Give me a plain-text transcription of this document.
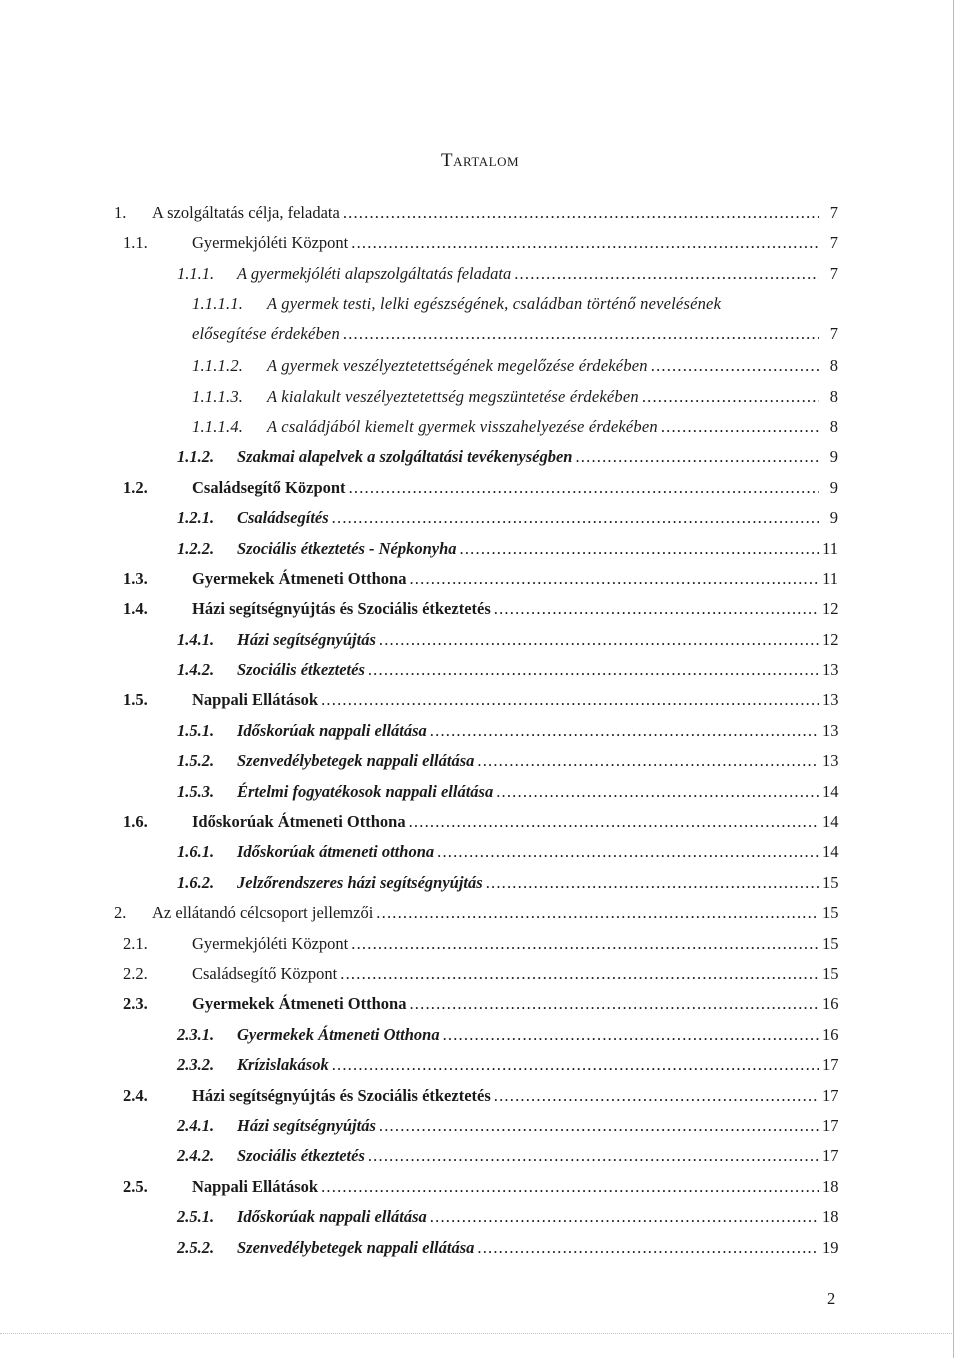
Tartalom
1. A szolgáltatás célja, feladata .....	7
1.1.	Gyermekjóléti Központ .....	7
1.1.1. A gyermekjóléti alapszolgáltatás feladata .....	7
1.1.1.1. A gyermek testi, lelki egészségének, családban történő nevelésének
elősegítése érdekében .....	7
1.1.1.2. A gyermek veszélyeztetettségének megelőzése érdekében .....	8
1.1.1.3. A kialakult veszélyeztetettség megszüntetése érdekében .....	8
1.1.1.4. A családjából kiemelt gyermek visszahelyezése érdekében .....	8
1.1.2. Szakmai alapelvek a szolgáltatási tevékenységben .....	9
1.2.	Családsegítő Központ .....	9
1.2.1. Családsegítés .....	9
1.2.2. Szociális étkeztetés - Népkonyha .....	11
1.3.	Gyermekek Átmeneti Otthona .....	11
1.4.	Házi segítségnyújtás és Szociális étkeztetés .....	12
1.4.1. Házi segítségnyújtás .....	12
1.4.2. Szociális étkeztetés .....	13
1.5.	Nappali Ellátások .....	13
1.5.1. Időskorúak nappali ellátása .....	13
1.5.2. Szenvedélybetegek nappali ellátása .....	13
1.5.3. Értelmi fogyatékosok nappali ellátása .....	14
1.6.	Időskorúak Átmeneti Otthona .....	14
1.6.1. Időskorúak átmeneti otthona .....	14
1.6.2. Jelzőrendszeres házi segítségnyújtás .....	15
2. Az ellátandó célcsoport jellemzői .....	15
2.1.	Gyermekjóléti Központ .....	15
2.2.	Családsegítő Központ .....	15
2.3.	Gyermekek Átmeneti Otthona .....	16
2.3.1. Gyermekek Átmeneti Otthona .....	16
2.3.2. Krízislakások .....	17
2.4.	Házi segítségnyújtás és Szociális étkeztetés .....	17
2.4.1. Házi segítségnyújtás .....	17
2.4.2. Szociális étkeztetés .....	17
2.5.	Nappali Ellátások .....	18
2.5.1. Időskorúak nappali ellátása .....	18
2.5.2. Szenvedélybetegek nappali ellátása .....	19
2
